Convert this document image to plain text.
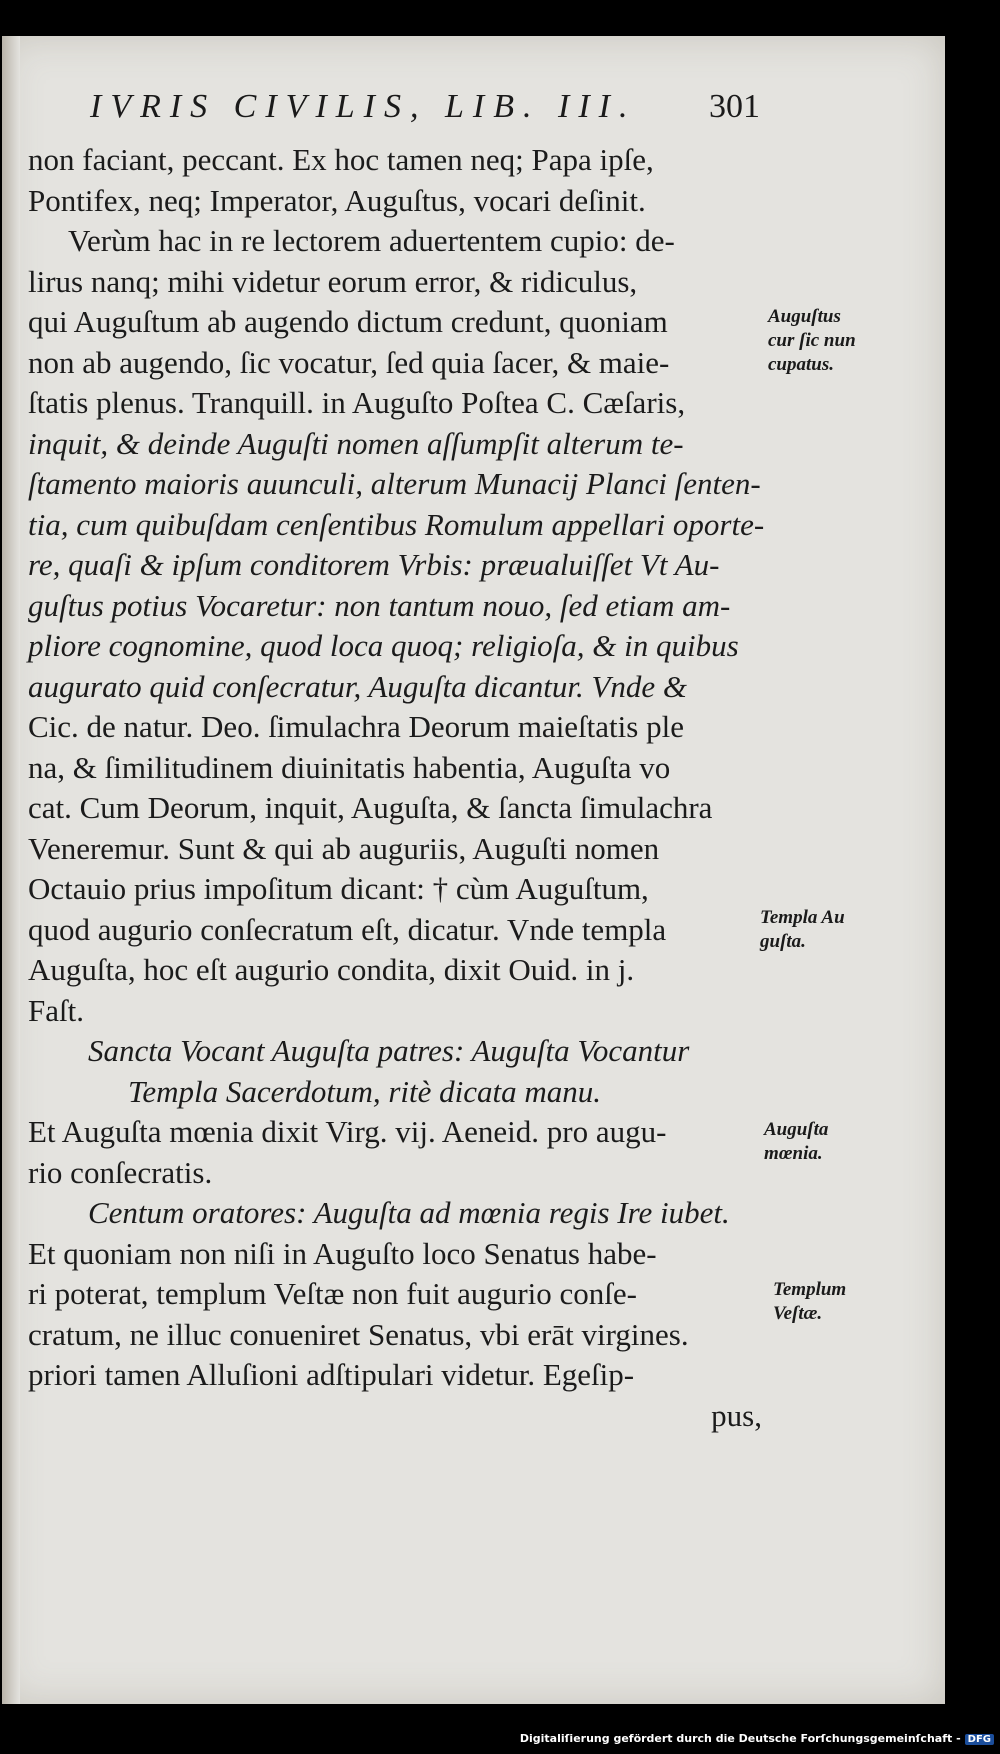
IVRIS CIVILIS, LIB. III. 301
non faciant, peccant. Ex hoc tamen neq; Papa ipſe,
Pontifex, neq; Imperator, Auguſtus, vocari deſinit.
Verùm hac in re lectorem aduertentem cupio: de-
lirus nanq; mihi videtur eorum error, & ridiculus,
qui Auguſtum ab augendo dictum credunt, quoniam
non ab augendo, ſic vocatur, ſed quia ſacer, & maie-
ſtatis plenus. Tranquill. in Auguſto Poſtea C. Cæſaris,
inquit, & deinde Auguſti nomen aſſumpſit alterum te-
ſtamento maioris auunculi, alterum Munacij Planci ſenten-
tia, cum quibuſdam cenſentibus Romulum appellari oporte-
re, quaſi & ipſum conditorem Vrbis: præualuiſſet Vt Au-
guſtus potius Vocaretur: non tantum nouo, ſed etiam am-
pliore cognomine, quod loca quoq; religioſa, & in quibus
augurato quid conſecratur, Auguſta dicantur. Vnde &
Cic. de natur. Deo. ſimulachra Deorum maieſtatis ple
na, & ſimilitudinem diuinitatis habentia, Auguſta vo
cat. Cum Deorum, inquit, Auguſta, & ſancta ſimulachra
Veneremur. Sunt & qui ab auguriis, Auguſti nomen
Octauio prius impoſitum dicant: † cùm Auguſtum,
quod augurio conſecratum eſt, dicatur. Vnde templa
Auguſta, hoc eſt augurio condita, dixit Ouid. in j.
Faſt.
Sancta Vocant Auguſta patres: Auguſta Vocantur
Templa Sacerdotum, ritè dicata manu.
Et Auguſta mœnia dixit Virg. vij. Aeneid. pro augu-
rio conſecratis.
Centum oratores: Auguſta ad mœnia regis Ire iubet.
Et quoniam non niſi in Auguſto loco Senatus habe-
ri poterat, templum Veſtæ non fuit augurio conſe-
cratum, ne illuc conueniret Senatus, vbi erāt virgines.
priori tamen Alluſioni adſtipulari videtur. Egeſip-
pus,
Auguſtus
cur ſic nun
cupatus.
Templa Au
guſta.
Auguſta
mœnia.
Templum
Veſtæ.
Digitaliſierung gefördert durch die Deutsche Forſchungsgemeinſchaft - DFG
